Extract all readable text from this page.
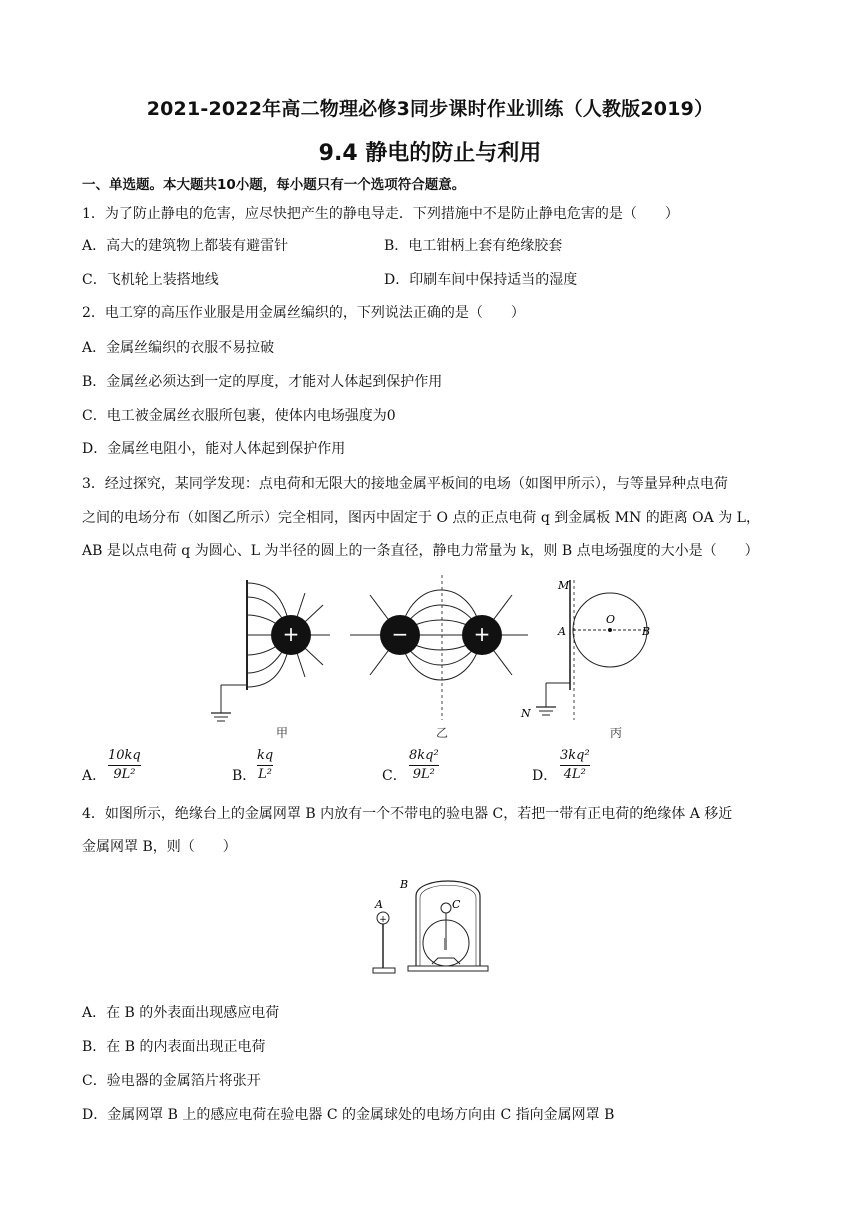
2021-2022年高二物理必修3同步课时作业训练（人教版2019）
9.4 静电的防止与利用
一、单选题。本大题共10小题，每小题只有一个选项符合题意。
1．为了防止静电的危害，应尽快把产生的静电导走．下列措施中不是防止静电危害的是（　　）
A．高大的建筑物上都装有避雷针	B．电工钳柄上套有绝缘胶套
C．飞机轮上装搭地线	D．印刷车间中保持适当的湿度
2．电工穿的高压作业服是用金属丝编织的，下列说法正确的是（　　）
A．金属丝编织的衣服不易拉破
B．金属丝必须达到一定的厚度，才能对人体起到保护作用
C．电工被金属丝衣服所包裹，使体内电场强度为0
D．金属丝电阻小，能对人体起到保护作用
3．经过探究，某同学发现：点电荷和无限大的接地金属平板间的电场（如图甲所示），与等量异种点电荷
之间的电场分布（如图乙所示）完全相同，图丙中固定于 O 点的正点电荷 q 到金属板 MN 的距离 OA 为 L，
AB 是以点电荷 q 为圆心、L 为半径的圆上的一条直径，静电力常量为 k，则 B 点电场强度的大小是（　　）
+
甲
−	+
乙
M
A
O
B
N
丙
A．
10kq
9L²	B．
kq
L²	C．
8kq²
9L²	D．
3kq²
4L²
4．如图所示，绝缘台上的金属网罩 B 内放有一个不带电的验电器 C，若把一带有正电荷的绝缘体 A 移近
金属网罩 B，则（　　）
+
A
B
C
A．在 B 的外表面出现感应电荷
B．在 B 的内表面出现正电荷
C．验电器的金属箔片将张开
D．金属网罩 B 上的感应电荷在验电器 C 的金属球处的电场方向由 C 指向金属网罩 B
